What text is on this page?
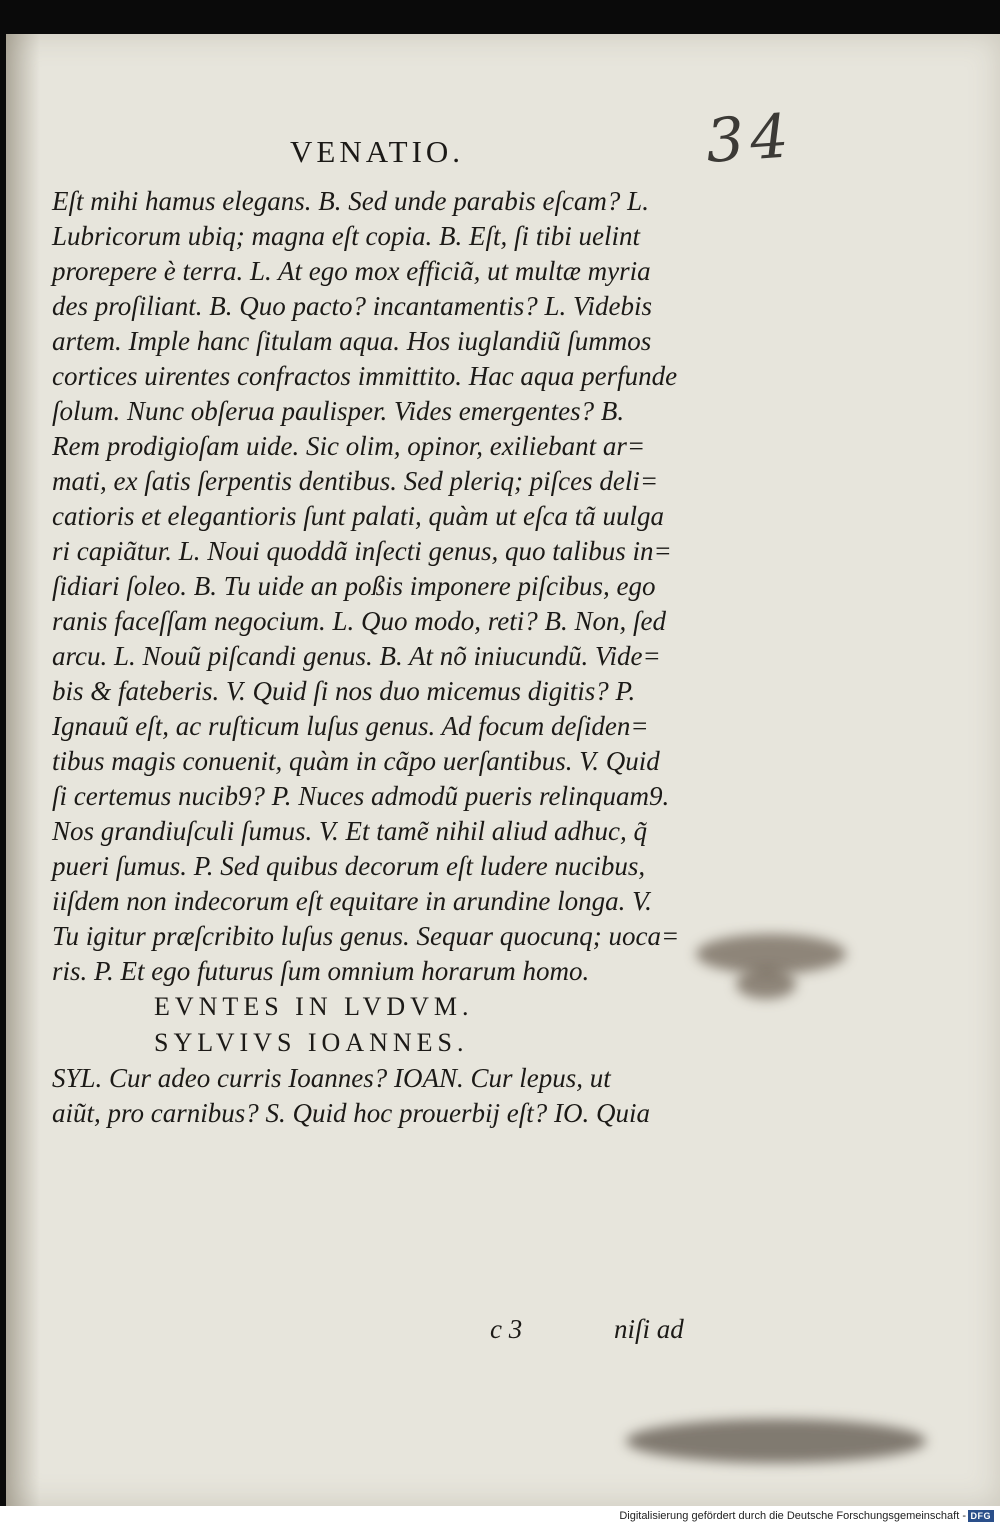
VENATIO.	34
Eſt mihi hamus elegans. B. Sed unde parabis eſcam? L.
Lubricorum ubiq; magna eſt copia. B. Eſt, ſi tibi uelint
prorepere è terra. L. At ego mox efficiã, ut multæ myria
des proſiliant. B. Quo pacto? incantamentis? L. Videbis
artem. Imple hanc ſitulam aqua. Hos iuglandiũ ſummos
cortices uirentes confractos immittito. Hac aqua perfunde
ſolum. Nunc obſerua paulisper. Vides emergentes? B.
Rem prodigioſam uide. Sic olim, opinor, exiliebant ar=
mati, ex ſatis ſerpentis dentibus. Sed pleriq; piſces deli=
catioris et elegantioris ſunt palati, quàm ut eſca tã uulga
ri capiãtur. L. Noui quoddã inſecti genus, quo talibus in=
ſidiari ſoleo. B. Tu uide an poßis imponere piſcibus, ego
ranis faceſſam negocium. L. Quo modo, reti? B. Non, ſed
arcu. L. Nouũ piſcandi genus. B. At nõ iniucundũ. Vide=
bis & fateberis. V. Quid ſi nos duo micemus digitis? P.
Ignauũ eſt, ac ruſticum luſus genus. Ad focum deſiden=
tibus magis conuenit, quàm in cãpo uerſantibus. V. Quid
ſi certemus nucib9? P. Nuces admodũ pueris relinquam9.
Nos grandiuſculi ſumus. V. Et tamẽ nihil aliud adhuc, q̃
pueri ſumus. P. Sed quibus decorum eſt ludere nucibus,
iiſdem non indecorum eſt equitare in arundine longa. V.
Tu igitur præſcribito luſus genus. Sequar quocunq; uoca=
ris. P. Et ego futurus ſum omnium horarum homo.
EVNTES IN LVDVM.
SYLVIVS IOANNES.
SYL. Cur adeo curris Ioannes? IOAN. Cur lepus, ut
aiũt, pro carnibus? S. Quid hoc prouerbij eſt? IO. Quia
c 3	niſi ad
Digitalisierung gefördert durch die Deutsche Forschungsgemeinschaft - DFG
